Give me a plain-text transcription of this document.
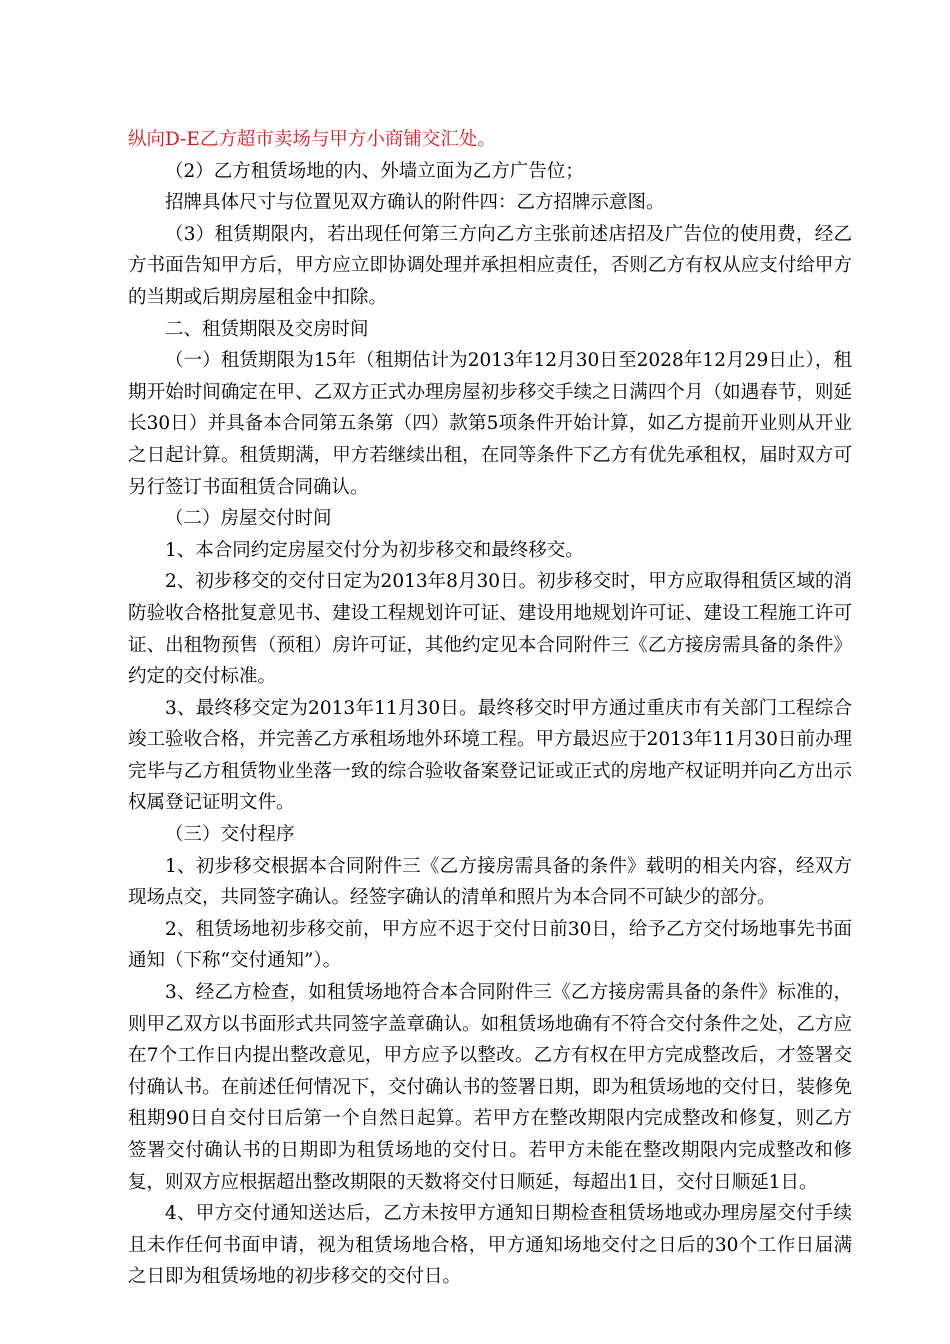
纵向D-E乙方超市卖场与甲方小商铺交汇处。

（2）乙方租赁场地的内、外墙立面为乙方广告位；

招牌具体尺寸与位置见双方确认的附件四：乙方招牌示意图。

（3）租赁期限内，若出现任何第三方向乙方主张前述店招及广告位的使用费，经乙方书面告知甲方后，甲方应立即协调处理并承担相应责任，否则乙方有权从应支付给甲方的当期或后期房屋租金中扣除。

二、租赁期限及交房时间

（一）租赁期限为15年（租期估计为2013年12月30日至2028年12月29日止），租期开始时间确定在甲、乙双方正式办理房屋初步移交手续之日满四个月（如遇春节，则延长30日）并具备本合同第五条第（四）款第5项条件开始计算，如乙方提前开业则从开业之日起计算。租赁期满，甲方若继续出租，在同等条件下乙方有优先承租权，届时双方可另行签订书面租赁合同确认。

（二）房屋交付时间

1、本合同约定房屋交付分为初步移交和最终移交。

2、初步移交的交付日定为2013年8月30日。初步移交时，甲方应取得租赁区域的消防验收合格批复意见书、建设工程规划许可证、建设用地规划许可证、建设工程施工许可证、出租物预售（预租）房许可证，其他约定见本合同附件三《乙方接房需具备的条件》约定的交付标准。

3、最终移交定为2013年11月30日。最终移交时甲方通过重庆市有关部门工程综合竣工验收合格，并完善乙方承租场地外环境工程。甲方最迟应于2013年11月30日前办理完毕与乙方租赁物业坐落一致的综合验收备案登记证或正式的房地产权证明并向乙方出示权属登记证明文件。

（三）交付程序

1、初步移交根据本合同附件三《乙方接房需具备的条件》载明的相关内容，经双方现场点交，共同签字确认。经签字确认的清单和照片为本合同不可缺少的部分。

2、租赁场地初步移交前，甲方应不迟于交付日前30日，给予乙方交付场地事先书面通知（下称“交付通知”）。

3、经乙方检查，如租赁场地符合本合同附件三《乙方接房需具备的条件》标准的，则甲乙双方以书面形式共同签字盖章确认。如租赁场地确有不符合交付条件之处，乙方应在7个工作日内提出整改意见，甲方应予以整改。乙方有权在甲方完成整改后，才签署交付确认书。在前述任何情况下，交付确认书的签署日期，即为租赁场地的交付日，装修免租期90日自交付日后第一个自然日起算。若甲方在整改期限内完成整改和修复，则乙方签署交付确认书的日期即为租赁场地的交付日。若甲方未能在整改期限内完成整改和修复，则双方应根据超出整改期限的天数将交付日顺延，每超出1日，交付日顺延1日。

4、甲方交付通知送达后，乙方未按甲方通知日期检查租赁场地或办理房屋交付手续且未作任何书面申请，视为租赁场地合格，甲方通知场地交付之日后的30个工作日届满之日即为租赁场地的初步移交的交付日。
